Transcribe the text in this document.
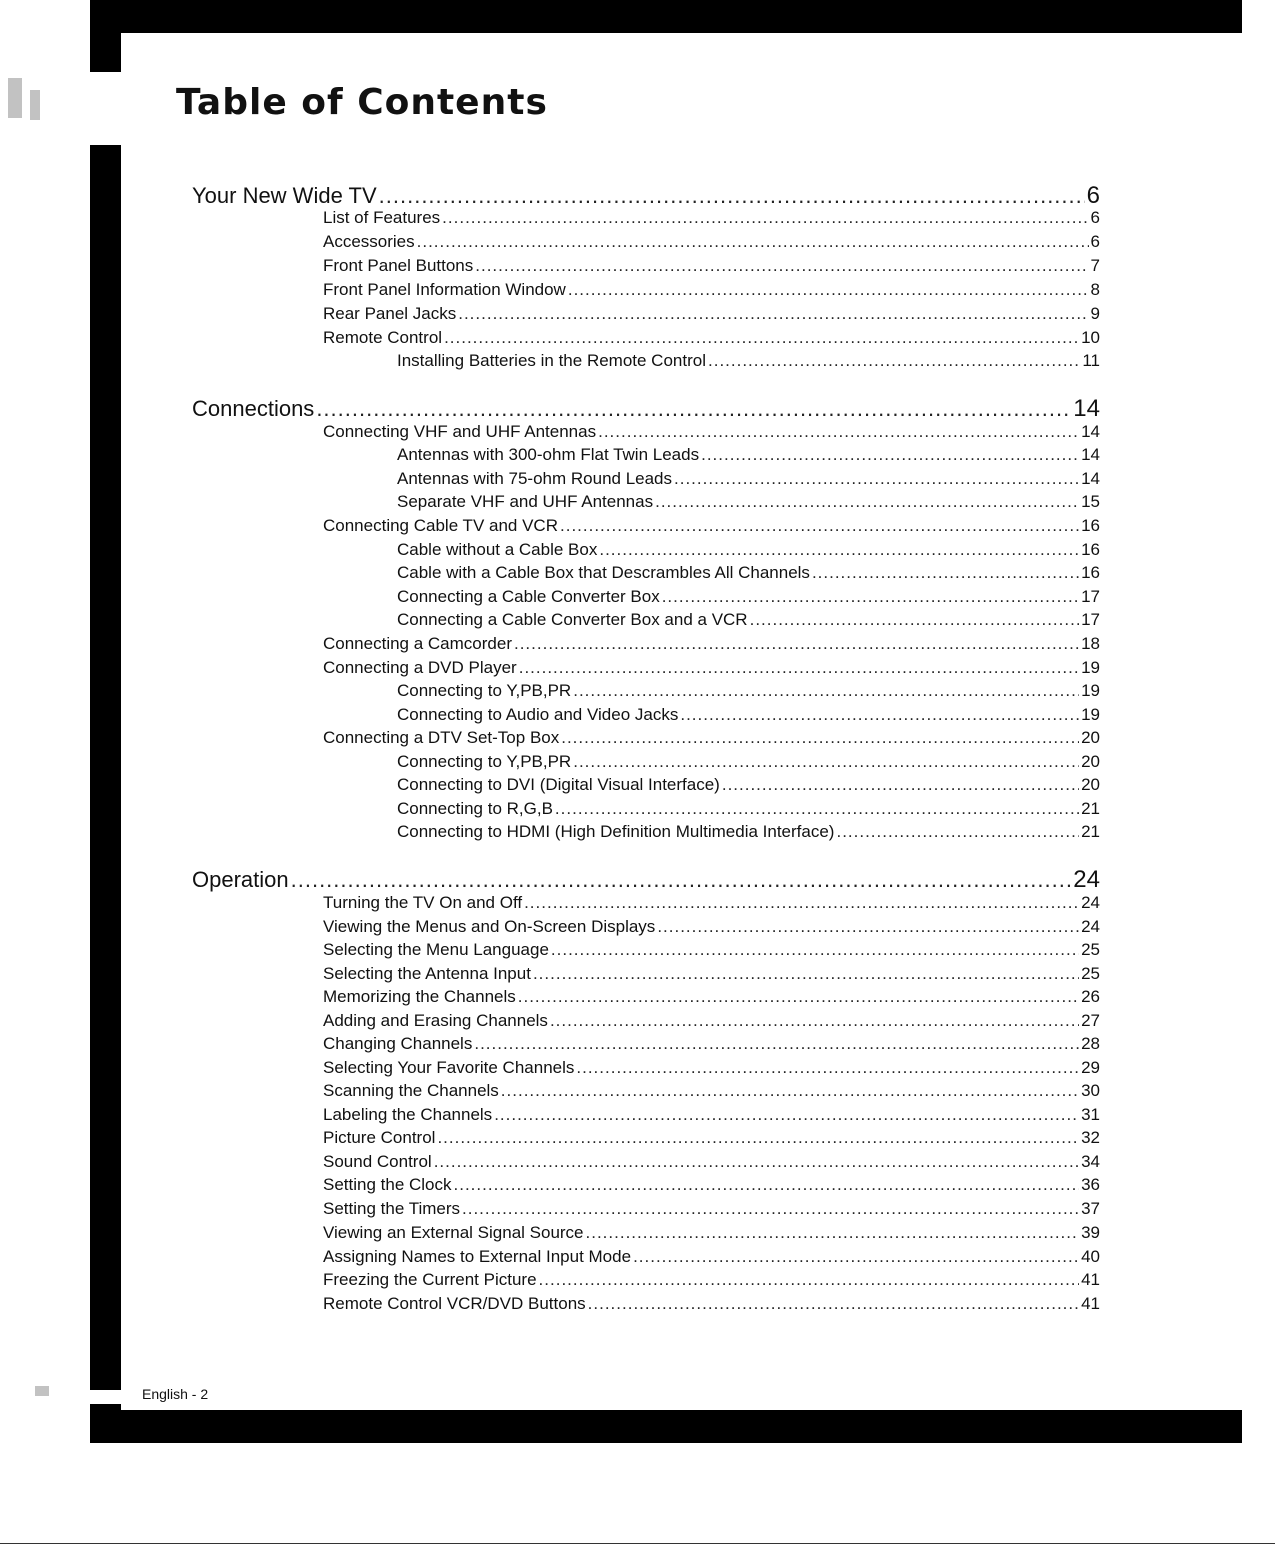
Table of Contents
Your New Wide TV .....	6
List of Features .....	6
Accessories .....	6
Front Panel Buttons .....	7
Front Panel Information Window .....	8
Rear Panel Jacks .....	9
Remote Control .....	10
Installing Batteries in the Remote Control .....	11
Connections .....	14
Connecting VHF and UHF Antennas .....	14
Antennas with 300-ohm Flat Twin Leads .....	14
Antennas with 75-ohm Round Leads .....	14
Separate VHF and UHF Antennas .....	15
Connecting Cable TV and VCR .....	16
Cable without a Cable Box .....	16
Cable with a Cable Box that Descrambles All Channels .....	16
Connecting a Cable Converter Box .....	17
Connecting a Cable Converter Box and a VCR .....	17
Connecting a Camcorder .....	18
Connecting a DVD Player .....	19
Connecting to Y,PB,PR .....	19
Connecting to Audio and Video Jacks .....	19
Connecting a DTV Set-Top Box .....	20
Connecting to Y,PB,PR .....	20
Connecting to DVI (Digital Visual Interface) .....	20
Connecting to R,G,B .....	21
Connecting to HDMI (High Definition Multimedia Interface) .....	21
Operation .....	24
Turning the TV On and Off .....	24
Viewing the Menus and On-Screen Displays .....	24
Selecting the Menu Language .....	25
Selecting the Antenna Input .....	25
Memorizing the Channels .....	26
Adding and Erasing Channels .....	27
Changing Channels .....	28
Selecting Your Favorite Channels .....	29
Scanning the Channels .....	30
Labeling the Channels .....	31
Picture Control .....	32
Sound Control .....	34
Setting the Clock .....	36
Setting the Timers .....	37
Viewing an External Signal Source .....	39
Assigning Names to External Input Mode .....	40
Freezing the Current Picture .....	41
Remote Control VCR/DVD Buttons .....	41
English - 2
